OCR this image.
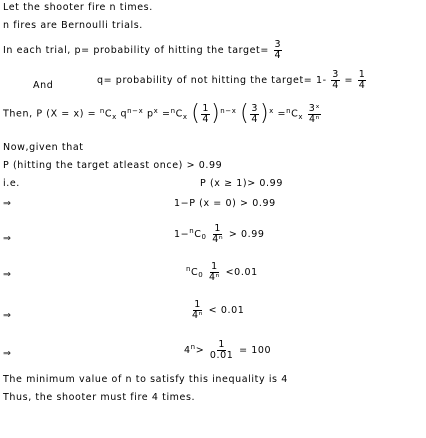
Let the shooter fire n times.
n fires are Bernoulli trials.
In each trial, p= probability of hitting the target= $\frac{3}{4}$
And	q= probability of not hitting the target= $1- \frac{3}{4} = \frac{1}{4}$
Then, P $(X = x) = ^nC_x$ $q^{n-x}$ $p^x =^nC_x$ ( $\frac{1}{4} )^{n-x}$ ( $\frac{3}{4} )^x =^nC_x \frac{\text{3ˣ}}{\text{4ⁿ}}$
Now,given that
P (hitting the target atleast once) > 0.99
i.e.	P (x ≥ 1)> 0.99
⇒	1−P (x = 0) > 0.99
⇒	$1-^nC_0 \frac{1}{\text{4ⁿ}} > 0.99$
⇒	$^nC_0 \frac{1}{\text{4ⁿ}} <0.01$
⇒	$\frac{1}{\text{4ⁿ}} < 0.01$
⇒	$4^n> \frac{1}{0.01} = 100$
The minimum value of n to satisfy this inequality is 4
Thus, the shooter must fire 4 times.
